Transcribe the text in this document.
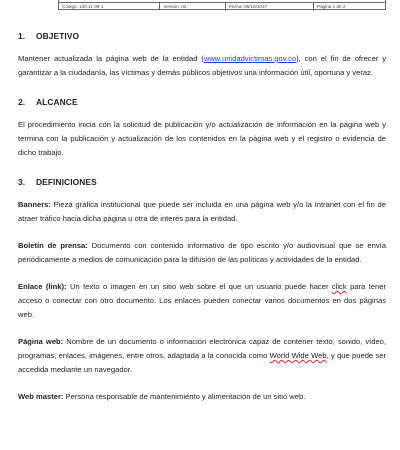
Código: 140.11.08-1	Versión: 03	Fecha: 05/10/2017	Página 1 de 2
1. OBJETIVO

Mantener actualizada la página web de la entidad (www.unidadvictimas.gov.co), con el fin de ofrecer y garantizar a la ciudadanía, las víctimas y demás públicos objetivos una información útil, oportuna y veraz.

2. ALCANCE

El procedimiento inicia con la solicitud de publicación y/o actualización de información en la página web y termina con la publicación y actualización de los contenidos en la página web y el registro o evidencia de dicho trabajo.

3. DEFINICIONES

Banners: Pieza gráfica institucional que puede ser incluida en una página web y/o la Intranet con el fin de atraer tráfico hacia dicha página u otra de interés para la entidad.

Boletín de prensa: Documento con contenido informativo de tipo escrito y/o audiovisual que se envía periódicamente a medios de comunicación para la difusión de las políticas y actividades de la entidad.

Enlace (link): Un texto o imagen en un sitio web sobre el que un usuario puede hacer click para tener acceso o conectar con otro documento. Los enlaces pueden conectar varios documentos en dos páginas web.

Página web: Nombre de un documento o información electrónica capaz de contener texto, sonido, vídeo, programas, enlaces, imágenes, entre otros, adaptada a la conocida como World Wide Web, y que puede ser accedida mediante un navegador.

Web master: Persona responsable de mantenimiento y alimentación de un sitio web.
